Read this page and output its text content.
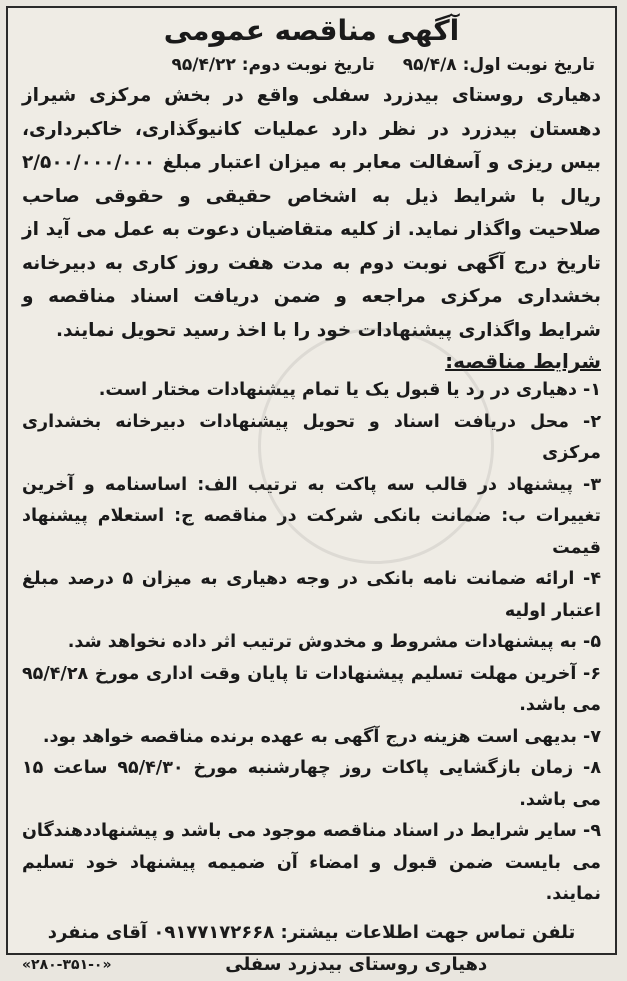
آگهی مناقصه عمومی
تاریخ نوبت اول: ۹۵/۴/۸
تاریخ نوبت دوم: ۹۵/۴/۲۲

دهیاری روستای بیدزرد سفلی واقع در بخش مرکزی شیراز دهستان بیدزرد در نظر دارد عملیات کانیوگذاری، خاکبرداری، بیس ریزی و آسفالت معابر به میزان اعتبار مبلغ ۲/۵۰۰/۰۰۰/۰۰۰ ریال با شرایط ذیل به اشخاص حقیقی و حقوقی صاحب صلاحیت واگذار نماید. از کلیه متقاضیان دعوت به عمل می آید از تاریخ درج آگهی نوبت دوم به مدت هفت روز کاری به دبیرخانه بخشداری مرکزی مراجعه و ضمن دریافت اسناد مناقصه و شرایط واگذاری پیشنهادات خود را با اخذ رسید تحویل نمایند.

شرایط مناقصه:

۱- دهیاری در رد یا قبول یک یا تمام پیشنهادات مختار است.

۲- محل دریافت اسناد و تحویل پیشنهادات دبیرخانه بخشداری مرکزی

۳- پیشنهاد در قالب سه پاکت به ترتیب الف: اساسنامه و آخرین تغییرات ب: ضمانت بانکی شرکت در مناقصه ج: استعلام پیشنهاد قیمت

۴- ارائه ضمانت نامه بانکی در وجه دهیاری به میزان ۵ درصد مبلغ اعتبار اولیه

۵- به پیشنهادات مشروط و مخدوش ترتیب اثر داده نخواهد شد.

۶- آخرین مهلت تسلیم پیشنهادات تا پایان وقت اداری مورخ ۹۵/۴/۲۸ می باشد.

۷- بدیهی است هزینه درج آگهی به عهده برنده مناقصه خواهد بود.

۸- زمان بازگشایی پاکات روز چهارشنبه مورخ ۹۵/۴/۳۰ ساعت ۱۵ می باشد.

۹- سایر شرایط در اسناد مناقصه موجود می باشد و پیشنهاددهندگان می بایست ضمن قبول و امضاء آن ضمیمه پیشنهاد خود تسلیم نمایند.

تلفن تماس جهت اطلاعات بیشتر: ۰۹۱۷۷۱۷۲۶۶۸ آقای منفرد
دهیاری روستای بیدزرد سفلی
«۲۸۰-۳۵۱-۰»
